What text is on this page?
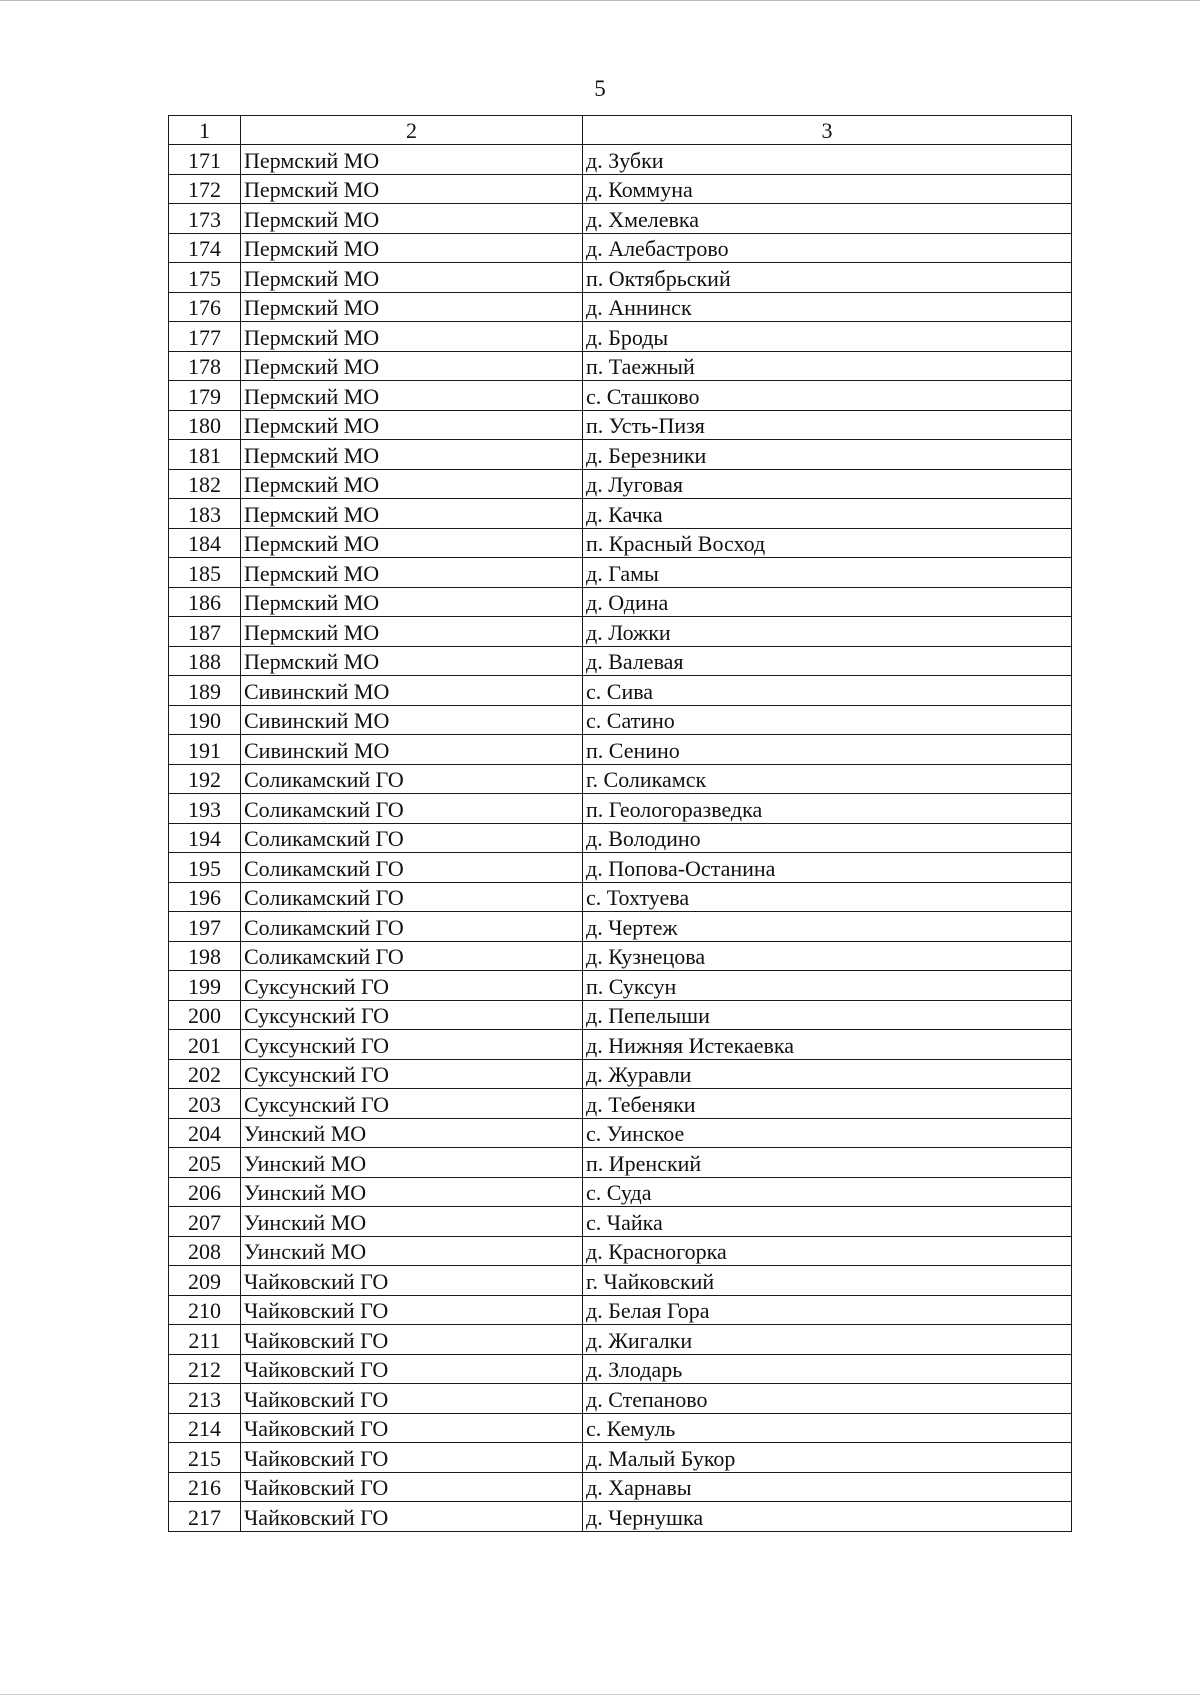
5
1	2	3
171	Пермский МО	д. Зубки
172	Пермский МО	д. Коммуна
173	Пермский МО	д. Хмелевка
174	Пермский МО	д. Алебастрово
175	Пермский МО	п. Октябрьский
176	Пермский МО	д. Аннинск
177	Пермский МО	д. Броды
178	Пермский МО	п. Таежный
179	Пермский МО	с. Сташково
180	Пермский МО	п. Усть-Пизя
181	Пермский МО	д. Березники
182	Пермский МО	д. Луговая
183	Пермский МО	д. Качка
184	Пермский МО	п. Красный Восход
185	Пермский МО	д. Гамы
186	Пермский МО	д. Одина
187	Пермский МО	д. Ложки
188	Пермский МО	д. Валевая
189	Сивинский МО	с. Сива
190	Сивинский МО	с. Сатино
191	Сивинский МО	п. Сенино
192	Соликамский ГО	г. Соликамск
193	Соликамский ГО	п. Геологоразведка
194	Соликамский ГО	д. Володино
195	Соликамский ГО	д. Попова-Останина
196	Соликамский ГО	с. Тохтуева
197	Соликамский ГО	д. Чертеж
198	Соликамский ГО	д. Кузнецова
199	Суксунский ГО	п. Суксун
200	Суксунский ГО	д. Пепелыши
201	Суксунский ГО	д. Нижняя Истекаевка
202	Суксунский ГО	д. Журавли
203	Суксунский ГО	д. Тебеняки
204	Уинский МО	с. Уинское
205	Уинский МО	п. Иренский
206	Уинский МО	с. Суда
207	Уинский МО	с. Чайка
208	Уинский МО	д. Красногорка
209	Чайковский ГО	г. Чайковский
210	Чайковский ГО	д. Белая Гора
211	Чайковский ГО	д. Жигалки
212	Чайковский ГО	д. Злодарь
213	Чайковский ГО	д. Степаново
214	Чайковский ГО	с. Кемуль
215	Чайковский ГО	д. Малый Букор
216	Чайковский ГО	д. Харнавы
217	Чайковский ГО	д. Чернушка
